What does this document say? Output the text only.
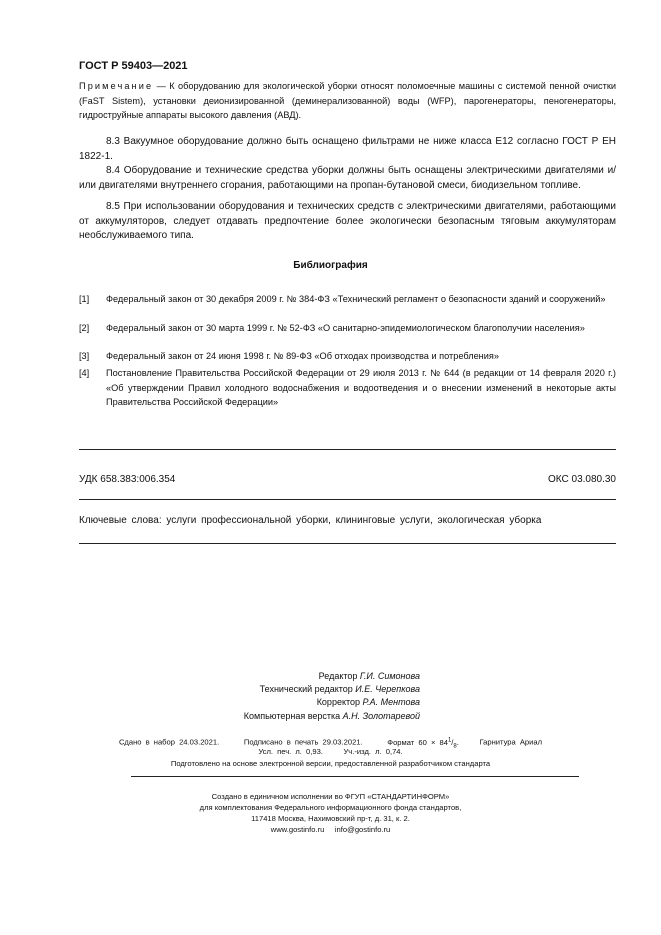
ГОСТ Р 59403—2021

Примечание — К оборудованию для экологической уборки относят поломоечные машины с системой пенной очистки (FaST Sistem), установки деионизированной (деминерализованной) воды (WFP), парогенераторы, пеногенераторы, гидроструйные аппараты высокого давления (АВД).

8.3 Вакуумное оборудование должно быть оснащено фильтрами не ниже класса Е12 согласно ГОСТ Р ЕН 1822-1.

8.4 Оборудование и технические средства уборки должны быть оснащены электрическими двигателями и/или двигателями внутреннего сгорания, работающими на пропан-бутановой смеси, биодизельном топливе.

8.5 При использовании оборудования и технических средств с электрическими двигателями, работающими от аккумуляторов, следует отдавать предпочтение более экологически безопасным тяговым аккумуляторам необслуживаемого типа.

Библиография
[1] Федеральный закон от 30 декабря 2009 г. № 384-ФЗ «Технический регламент о безопасности зданий и сооружений»
[2] Федеральный закон от 30 марта 1999 г. № 52-ФЗ «О санитарно-эпидемиологическом благополучии населения»
[3] Федеральный закон от 24 июня 1998 г. № 89-ФЗ «Об отходах производства и потребления»
[4] Постановление Правительства Российской Федерации от 29 июля 2013 г. № 644 (в редакции от 14 февраля 2020 г.) «Об утверждении Правил холодного водоснабжения и водоотведения и о внесении изменений в некоторые акты Правительства Российской Федерации»
УДК 658.383:006.354	ОКС 03.080.30
Ключевые слова: услуги профессиональной уборки, клининговые услуги, экологическая уборка
Редактор Г.И. Симонова
Технический редактор И.Е. Черепкова
Корректор Р.А. Ментова
Компьютерная верстка А.Н. Золотаревой
Сдано в набор 24.03.2021.	Подписано в печать 29.03.2021.	Формат $60 \times 84^1/_8$.	Гарнитура Ариал
Усл. печ. л. 0,93.	Уч.-изд. л. 0,74.
Подготовлено на основе электронной версии, предоставленной разработчиком стандарта
Создано в единичном исполнении во ФГУП «СТАНДАРТИНФОРМ»
для комплектования Федерального информационного фонда стандартов,
117418 Москва, Нахимовский пр-т, д. 31, к. 2.
www.gostinfo.ru     info@gostinfo.ru
